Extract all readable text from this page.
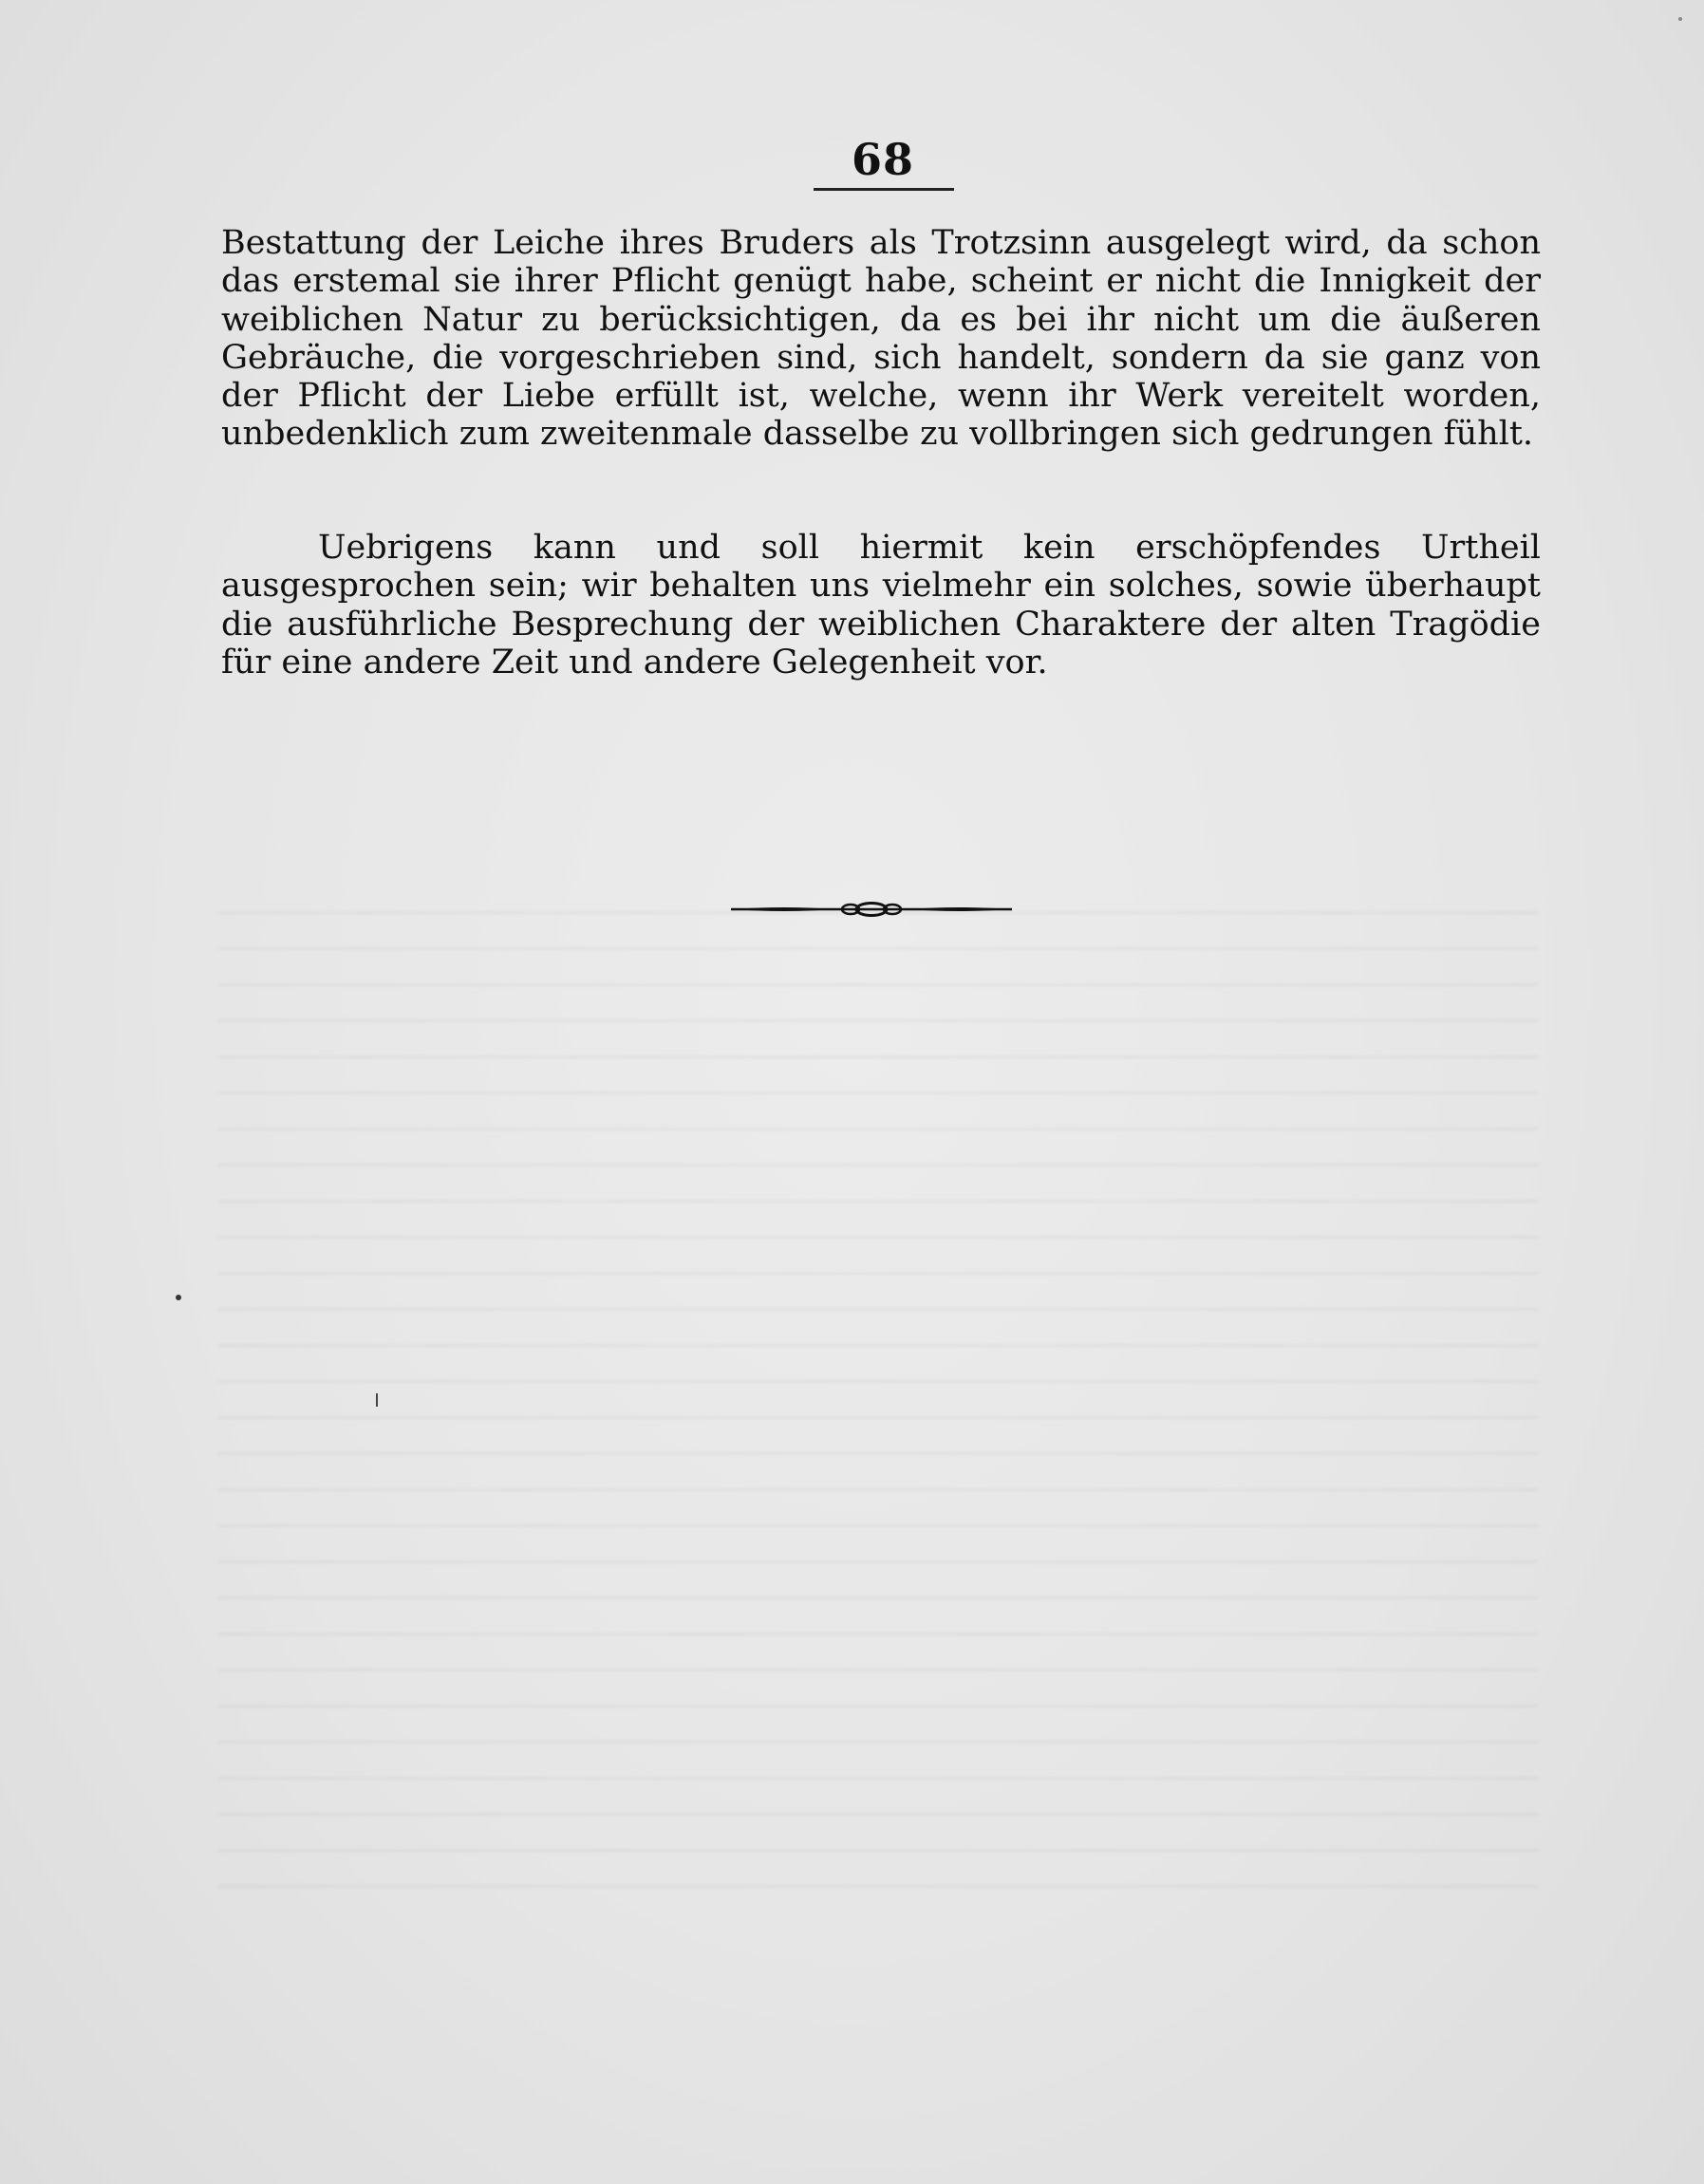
68

Bestattung der Leiche ihres Bruders als Trotzsinn ausgelegt wird, da schon das erstemal sie ihrer Pflicht genügt habe, scheint er nicht die Innigkeit der weiblichen Natur zu berücksichtigen, da es bei ihr nicht um die äußeren Gebräuche, die vorgeschrieben sind, sich handelt, sondern da sie ganz von der Pflicht der Liebe erfüllt ist, welche, wenn ihr Werk vereitelt worden, unbedenklich zum zweitenmale dasselbe zu vollbringen sich gedrungen fühlt.

Uebrigens kann und soll hiermit kein erschöpfendes Urtheil ausgesprochen sein; wir behalten uns vielmehr ein solches, sowie überhaupt die ausführliche Besprechung der weiblichen Charaktere der alten Tragödie für eine andere Zeit und andere Gelegenheit vor.
